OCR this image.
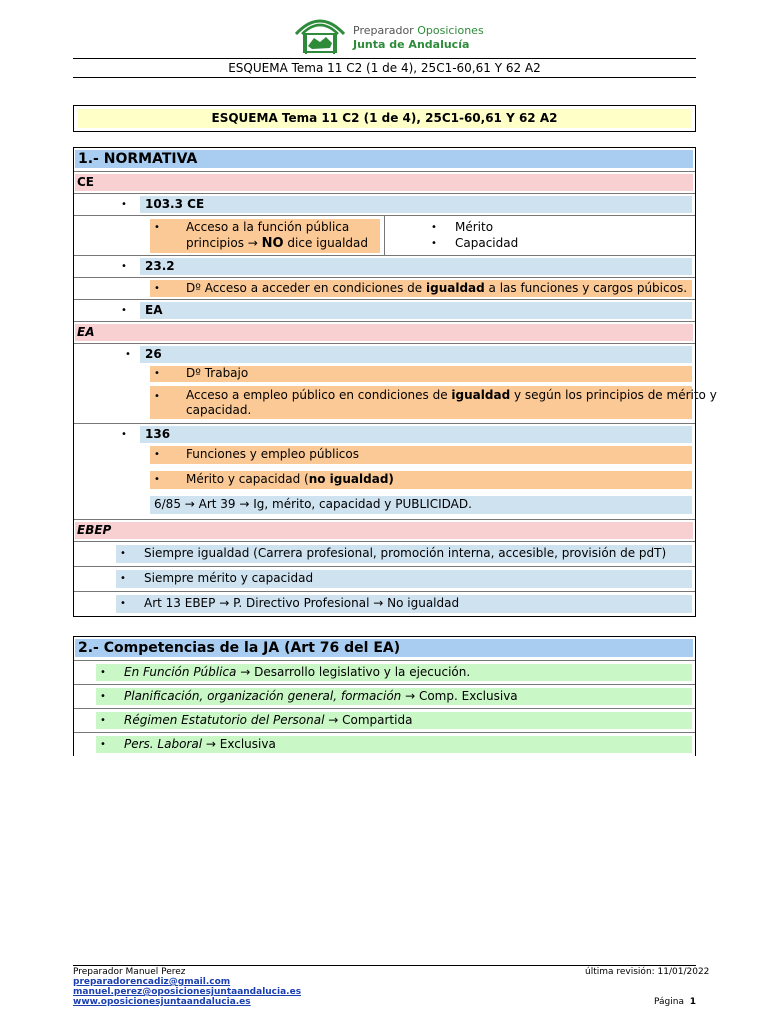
Preparador Oposiciones
Junta de Andalucía
ESQUEMA Tema 11 C2 (1 de 4), 25C1-60,61 Y 62 A2
ESQUEMA Tema 11 C2 (1 de 4), 25C1-60,61 Y 62 A2
1.- NORMATIVA
CE
• 103.3 CE
• Acceso a la función pública
principios → NO dice igualdad
• Mérito
• Capacidad
• 23.2
• Dº Acceso a acceder en condiciones de igualdad a las funciones y cargos púbicos.
• EA
EA
• 26
• Dº Trabajo
• Acceso a empleo público en condiciones de igualdad y según los principios de mérito y
capacidad.
• 136
• Funciones y empleo públicos
• Mérito y capacidad (no igualdad)
6/85 → Art 39 → Ig, mérito, capacidad y PUBLICIDAD.
EBEP
• Siempre igualdad (Carrera profesional, promoción interna, accesible, provisión de pdT)
• Siempre mérito y capacidad
• Art 13 EBEP → P. Directivo Profesional → No igualdad
2.- Competencias de la JA (Art 76 del EA)
• En Función Pública → Desarrollo legislativo y la ejecución.
• Planificación, organización general, formación → Comp. Exclusiva
• Régimen Estatutorio del Personal → Compartida
• Pers. Laboral → Exclusiva
Preparador Manuel Perez
preparadorencadiz@gmail.com
manuel.perez@oposicionesjuntaandalucia.es
www.oposicionesjuntaandalucia.es
última revisión: 11/01/2022
Página 1
